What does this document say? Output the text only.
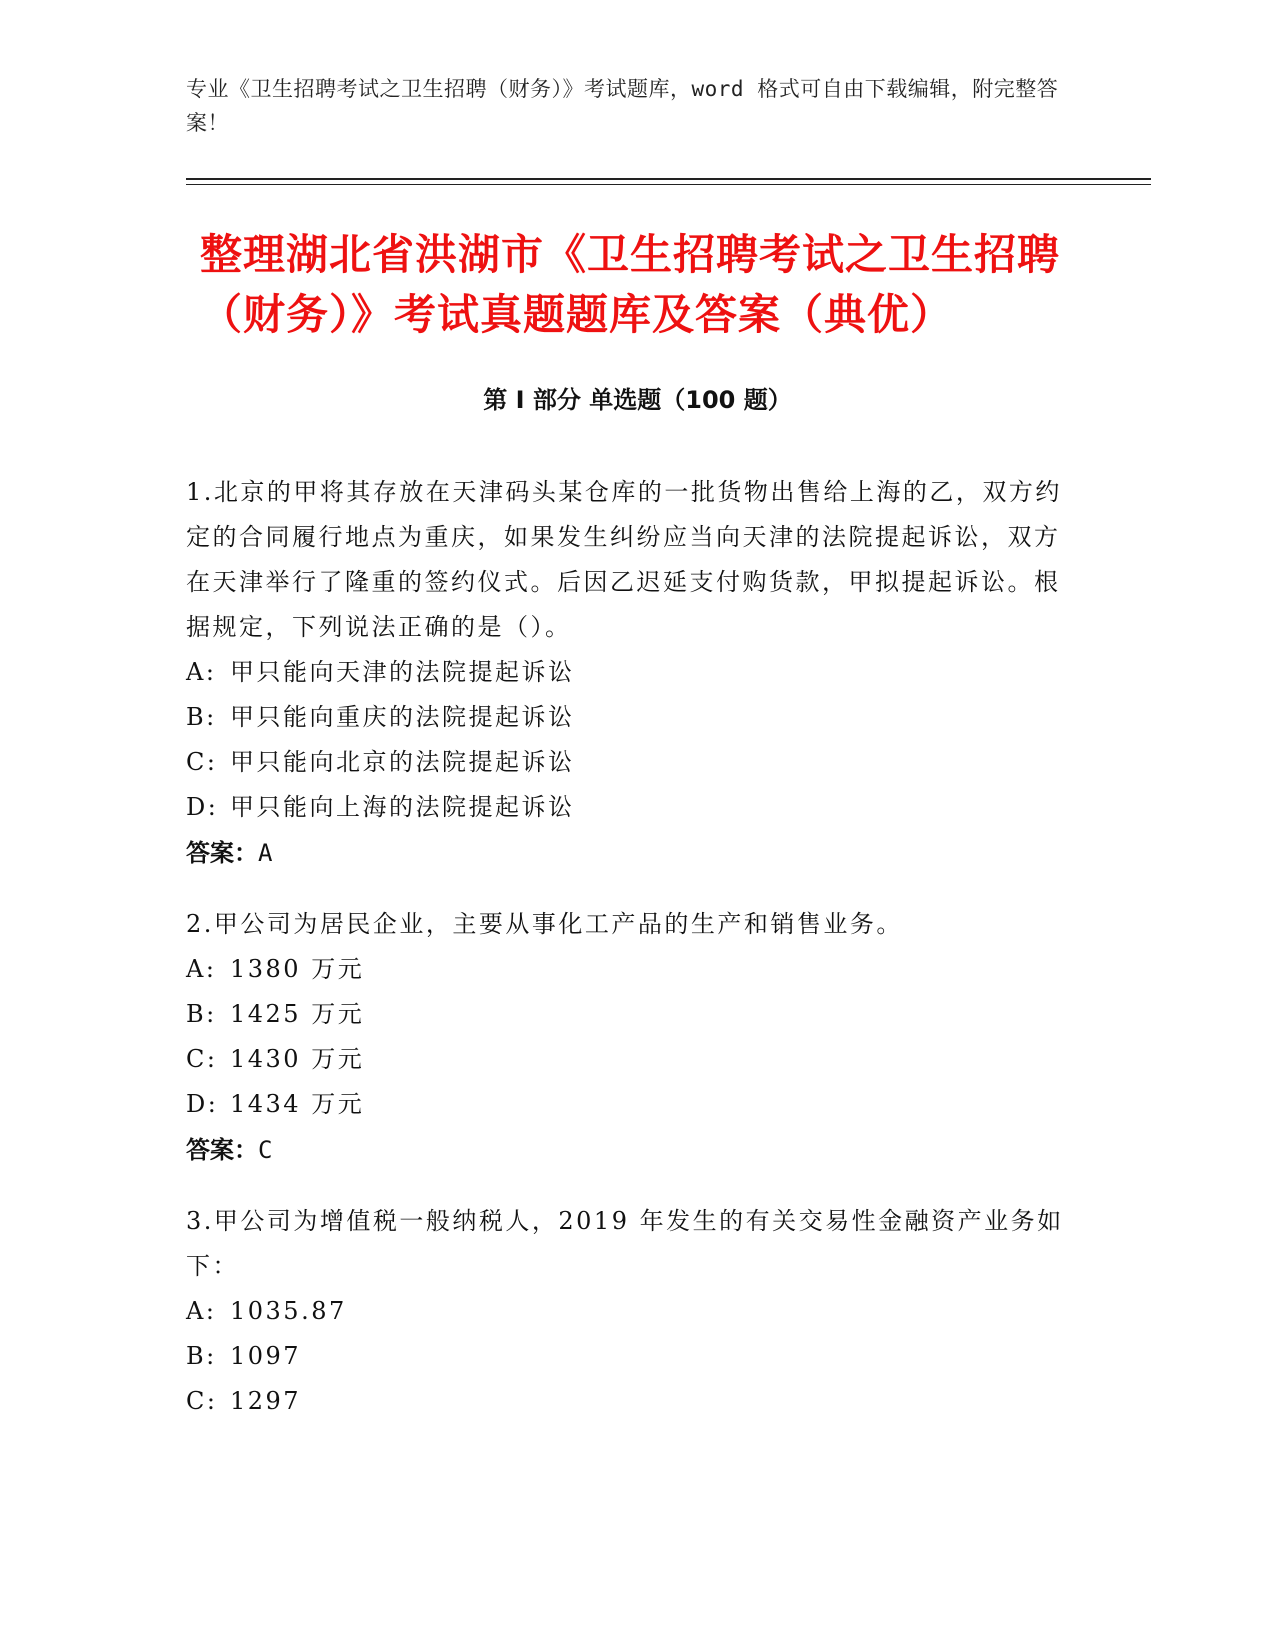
专业《卫生招聘考试之卫生招聘（财务）》考试题库，word 格式可自由下载编辑，附完整答案！
整理湖北省洪湖市《卫生招聘考试之卫生招聘（财务）》考试真题题库及答案（典优）
第 I 部分 单选题（100 题）

1.北京的甲将其存放在天津码头某仓库的一批货物出售给上海的乙，双方约定的合同履行地点为重庆，如果发生纠纷应当向天津的法院提起诉讼，双方在天津举行了隆重的签约仪式。后因乙迟延支付购货款，甲拟提起诉讼。根据规定，下列说法正确的是（）。

A: 甲只能向天津的法院提起诉讼

B: 甲只能向重庆的法院提起诉讼

C: 甲只能向北京的法院提起诉讼

D: 甲只能向上海的法院提起诉讼

答案：A

2.甲公司为居民企业，主要从事化工产品的生产和销售业务。

A: 1380 万元

B: 1425 万元

C: 1430 万元

D: 1434 万元

答案：C

3.甲公司为增值税一般纳税人，2019 年发生的有关交易性金融资产业务如下：

A: 1035.87

B: 1097

C: 1297
